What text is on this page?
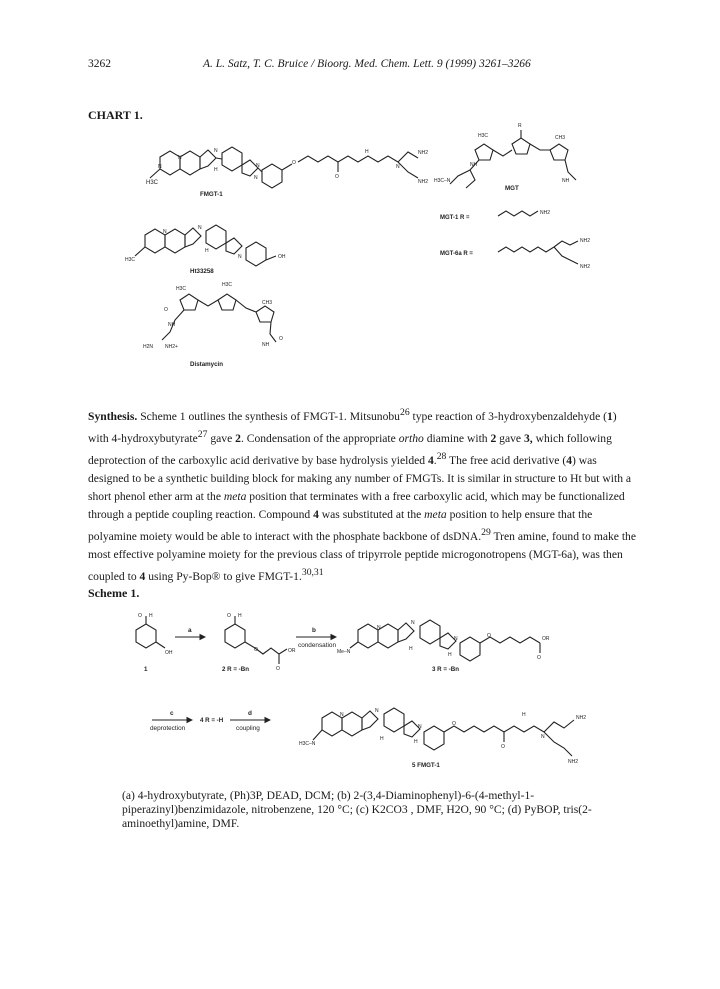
3262	A. L. Satz, T. C. Bruice / Bioorg. Med. Chem. Lett. 9 (1999) 3261–3266
CHART 1.
H3C
N
N
N
H
N
N
O
O
H
N
NH2
NH2
FMGT-1
H3C
R
CH3
NH
H3C–N	NH
MGT
MGT-1 R =
NH2
MGT-6a R =
NH2
NH2
H3C
N
N
H
N	OH
Ht33258
H3C
H3C
CH3
O
NH
H2N NH2+	NH
O
Distamycin
Synthesis. Scheme 1 outlines the synthesis of FMGT-1. Mitsunobu$^{26}$ type reaction of 3-hydroxybenzaldehyde (1) with 4-hydroxybutyrate$^{27}$ gave 2. Condensation of the appropriate ortho diamine with 2 gave 3, which following deprotection of the carboxylic acid derivative by base hydrolysis yielded 4.28 The free acid derivative (4) was designed to be a synthetic building block for making any number of FMGTs. It is similar in structure to Ht but with a short phenol ether arm at the meta position that terminates with a free carboxylic acid, which may be functionalized through a peptide coupling reaction. Compound 4 was substituted at the meta position to help ensure that the polyamine moiety would be able to interact with the phosphate backbone of dsDNA.$^{29}$ Tren amine, found to make the most effective polyamine moiety for the previous class of tripyrrole peptide microgonotropens (MGT-6a), was then coupled to 4 using Py-Bop® to give FMGT-1.$^{30,31}$
Scheme 1.
O H
OH
1
a
O H
O
O
OR
2 R = -Bn
b
condensation
Me–N
N
N
H
N
H
O
O
OR
3 R = -Bn
c
deprotection
4 R = -H
d
coupling
H3C–N
N
N
H
N
H
O
O
H
N
NH2
NH2
5 FMGT-1
(a) 4-hydroxybutyrate, (Ph)3P, DEAD, DCM; (b) 2-(3,4-Diaminophenyl)-6-(4-methyl-1-piperazinyl)benzimidazole, nitrobenzene, 120 °C; (c) K2CO3 , DMF, H2O, 90 °C; (d) PyBOP, tris(2-aminoethyl)amine, DMF.
